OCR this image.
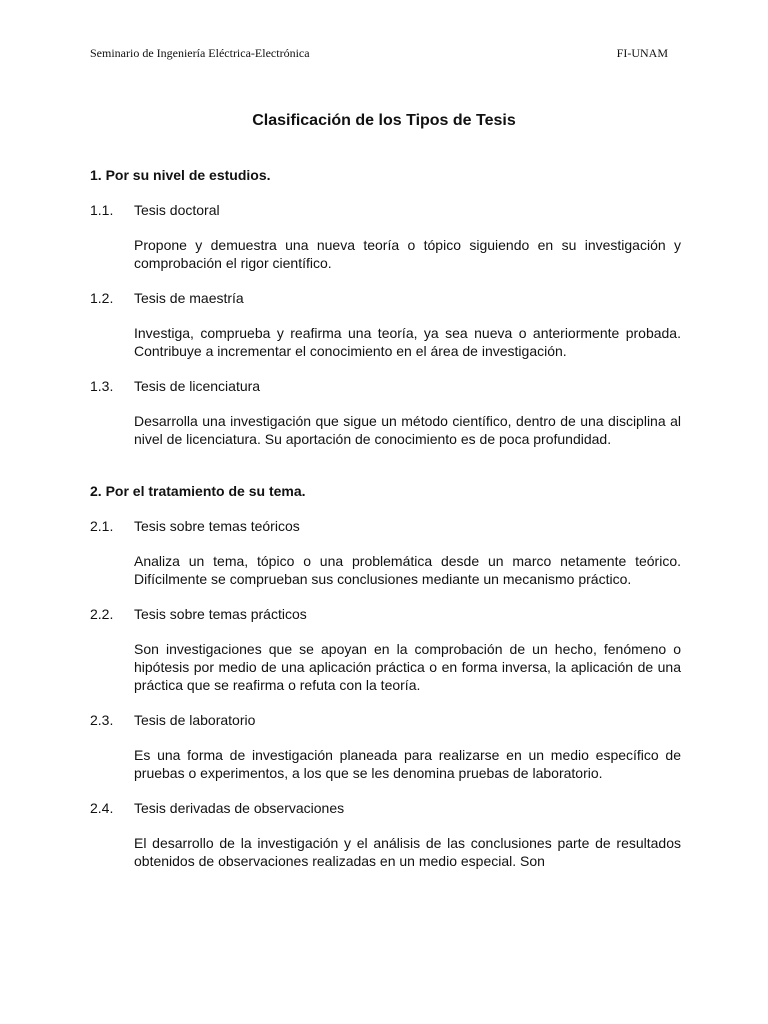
Seminario de Ingeniería Eléctrica-Electrónica	FI-UNAM
Clasificación de los Tipos de Tesis

1. Por su nivel de estudios.

1.1.	Tesis doctoral

Propone y demuestra una nueva teoría o tópico siguiendo en su investigación y comprobación el rigor científico.

1.2.	Tesis de maestría

Investiga, comprueba y reafirma una teoría, ya sea nueva o anteriormente probada. Contribuye a incrementar el conocimiento en el área de investigación.

1.3.	Tesis de licenciatura

Desarrolla una investigación que sigue un método científico, dentro de una disciplina al nivel de licenciatura. Su aportación de conocimiento es de poca profundidad.

2. Por el tratamiento de su tema.

2.1.	Tesis sobre temas teóricos

Analiza un tema, tópico o una problemática desde un marco netamente teórico. Difícilmente se comprueban sus conclusiones mediante un mecanismo práctico.

2.2.	Tesis sobre temas prácticos

Son investigaciones que se apoyan en la comprobación de un hecho, fenómeno o hipótesis por medio de una aplicación práctica o en forma inversa, la aplicación de una práctica que se reafirma o refuta con la teoría.

2.3.	Tesis de laboratorio

Es una forma de investigación planeada para realizarse en un medio específico de pruebas o experimentos, a los que se les denomina pruebas de laboratorio.

2.4.	Tesis derivadas de observaciones

El desarrollo de la investigación y el análisis de las conclusiones parte de resultados obtenidos de observaciones realizadas en un medio especial. Son
